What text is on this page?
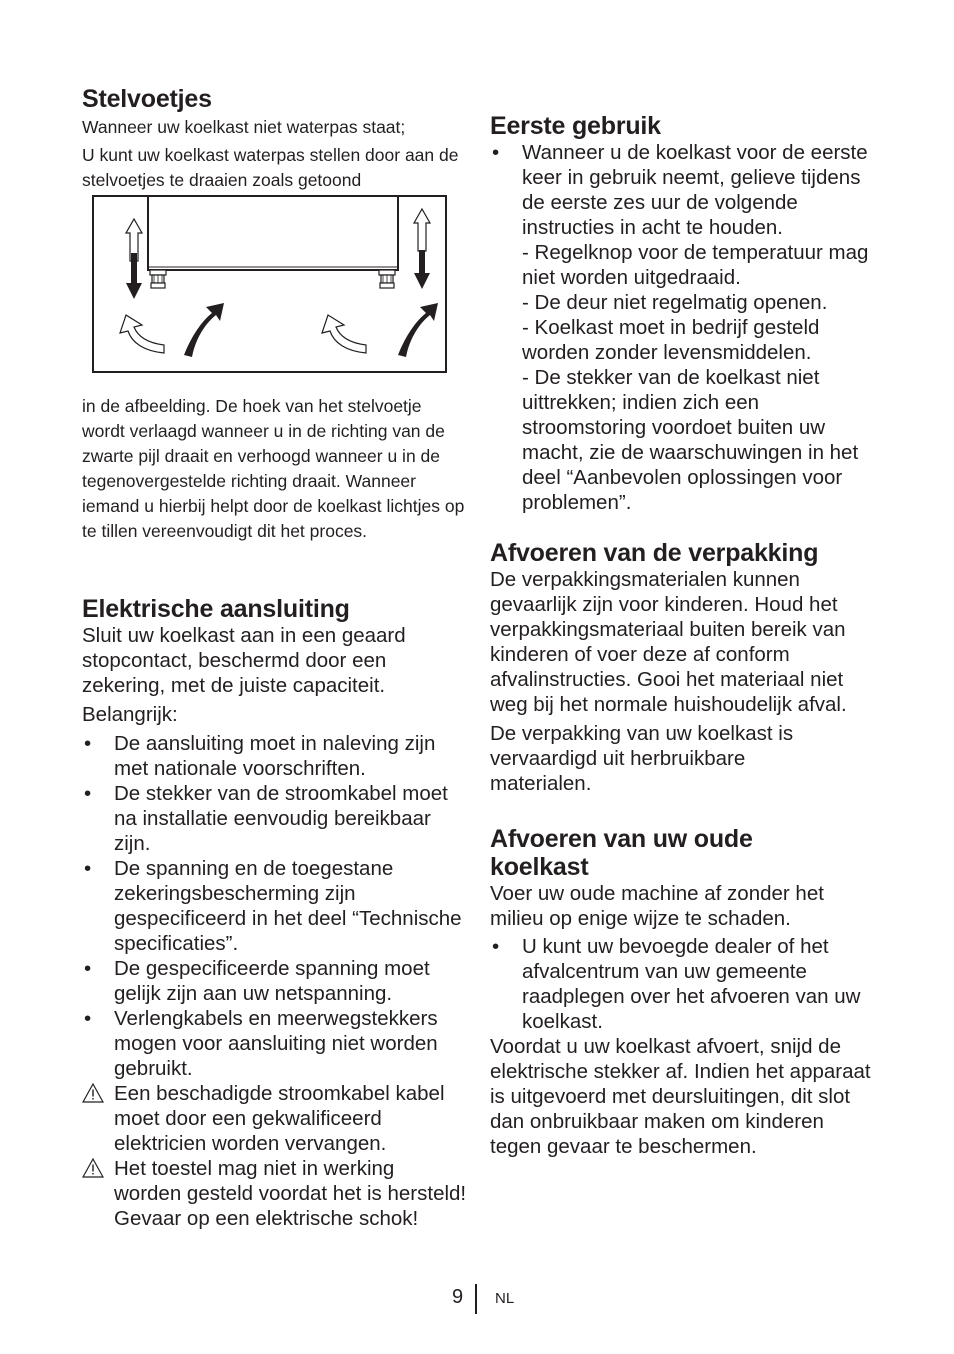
Stelvoetjes

Wanneer uw koelkast niet waterpas staat;

U kunt uw koelkast waterpas stellen door aan de stelvoetjes te draaien zoals getoond

in de afbeelding. De hoek van het stelvoetje wordt verlaagd wanneer u in de richting van de zwarte pijl draait en verhoogd wanneer u in de tegenovergestelde richting draait. Wanneer iemand u hierbij helpt door de koelkast lichtjes op te tillen vereenvoudigt dit het proces.

Elektrische aansluiting

Sluit uw koelkast aan in een geaard stopcontact, beschermd door een zekering, met de juiste capaciteit.

Belangrijk:

• De aansluiting moet in naleving zijn met nationale voorschriften.
• De stekker van de stroomkabel moet na installatie eenvoudig bereikbaar zijn.
• De spanning en de toegestane zekeringsbescherming zijn gespecificeerd in het deel “Technische specificaties”.
• De gespecificeerde spanning moet gelijk zijn aan uw netspanning.
• Verlengkabels en meerwegstekkers mogen voor aansluiting niet worden gebruikt.
Een beschadigde stroomkabel kabel moet door een gekwalificeerd elektricien worden vervangen.
Het toestel mag niet in werking worden gesteld voordat het is hersteld! Gevaar op een elektrische schok!
Eerste gebruik
• Wanneer u de koelkast voor de eerste keer in gebruik neemt, gelieve tijdens de eerste zes uur de volgende instructies in acht te houden.
- Regelknop voor de temperatuur mag niet worden uitgedraaid.
- De deur niet regelmatig openen.
- Koelkast moet in bedrijf gesteld worden zonder levensmiddelen.
- De stekker van de koelkast niet uittrekken; indien zich een stroomstoring voordoet buiten uw macht, zie de waarschuwingen in het deel “Aanbevolen oplossingen voor problemen”.
Afvoeren van de verpakking

De verpakkingsmaterialen kunnen gevaarlijk zijn voor kinderen. Houd het verpakkingsmateriaal buiten bereik van kinderen of voer deze af conform afvalinstructies. Gooi het materiaal niet weg bij het normale huishoudelijk afval.

De verpakking van uw koelkast is vervaardigd uit herbruikbare materialen.

Afvoeren van uw oude koelkast

Voer uw oude machine af zonder het milieu op enige wijze te schaden.

• U kunt uw bevoegde dealer of het afvalcentrum van uw gemeente raadplegen over het afvoeren van uw koelkast.

Voordat u uw koelkast afvoert, snijd de elektrische stekker af. Indien het apparaat is uitgevoerd met deursluitingen, dit slot dan onbruikbaar maken om kinderen tegen gevaar te beschermen.

9 NL
